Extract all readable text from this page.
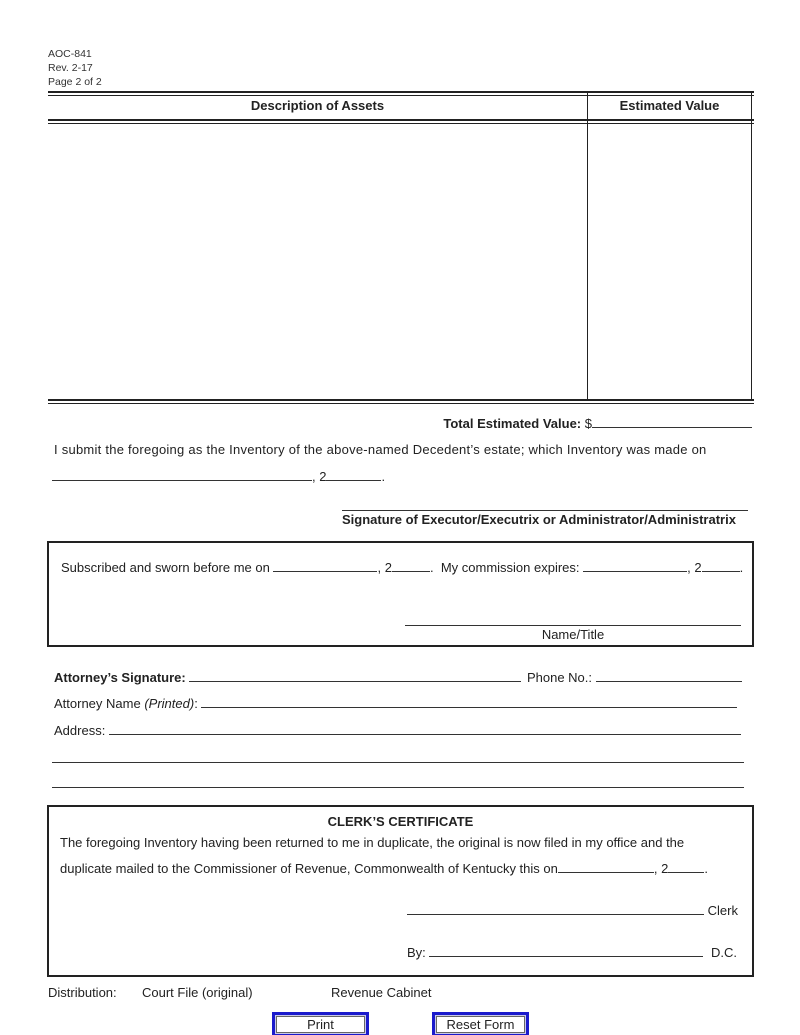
AOC-841
Rev. 2-17
Page 2 of 2
Description of Assets	Estimated Value
Total Estimated Value: $
I submit the foregoing as the Inventory of the above-named Decedent’s estate; which Inventory was made on
, 2	.
Signature of Executor/Executrix or Administrator/Administratrix
Subscribed and sworn before me on	, 2	. My commission expires:	, 2	.
Name/Title
Attorney’s Signature:	Phone No.:
Attorney Name (Printed):
Address:
CLERK’S CERTIFICATE
The foregoing Inventory having been returned to me in duplicate, the original is now filed in my office and the
duplicate mailed to the Commissioner of Revenue, Commonwealth of Kentucky this on	, 2	.
Clerk
By:	D.C.
Distribution: Court File (original)	Revenue Cabinet
Print	Reset Form
